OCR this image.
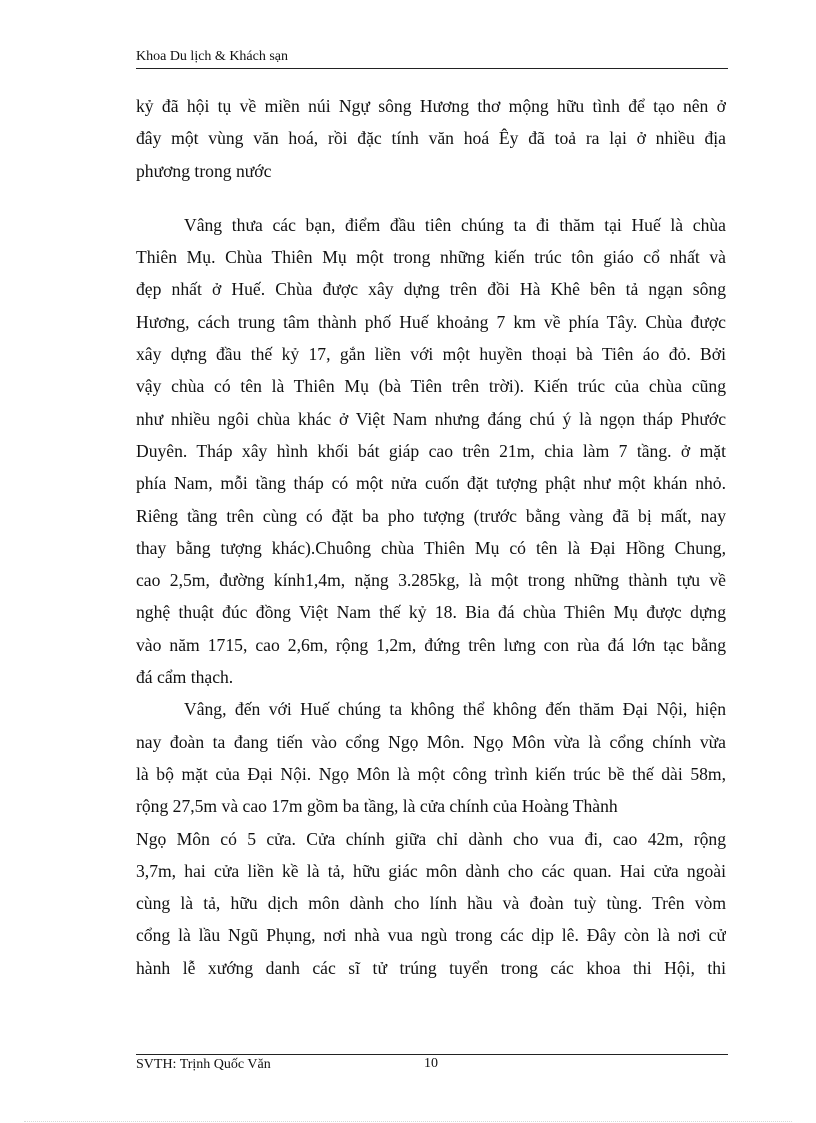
Khoa Du lịch & Khách sạn
kỷ đã hội tụ về miền núi Ngự sông Hương thơ mộng hữu tình để tạo nên ở
đây một vùng văn hoá, rồi đặc tính văn hoá Êy đã toả ra lại ở nhiều địa
phương trong nước
Vâng thưa các bạn, điểm đầu tiên chúng ta đi thăm tại Huế là chùa
Thiên Mụ. Chùa Thiên Mụ một trong những kiến trúc tôn giáo cổ nhất và
đẹp nhất ở Huế. Chùa được xây dựng trên đồi Hà Khê bên tả ngạn sông
Hương, cách trung tâm thành phố Huế khoảng 7 km về phía Tây. Chùa được
xây dựng đầu thế kỷ 17, gắn liền với một huyền thoại bà Tiên áo đỏ. Bởi
vậy chùa có tên là Thiên Mụ (bà Tiên trên trời). Kiến trúc của chùa cũng
như nhiều ngôi chùa khác ở Việt Nam nhưng đáng chú ý là ngọn tháp Phước
Duyên. Tháp xây hình khối bát giáp cao trên 21m, chia làm 7 tầng. ở mặt
phía Nam, mỗi tầng tháp có một nửa cuốn đặt tượng phật như một khán nhỏ.
Riêng tầng trên cùng có đặt ba pho tượng (trước bằng vàng đã bị mất, nay
thay bằng tượng khác).Chuông chùa Thiên Mụ có tên là Đại Hồng Chung,
cao 2,5m, đường kính1,4m, nặng 3.285kg, là một trong những thành tựu về
nghệ thuật đúc đồng Việt Nam thế kỷ 18. Bia đá chùa Thiên Mụ được dựng
vào năm 1715, cao 2,6m, rộng 1,2m, đứng trên lưng con rùa đá lớn tạc bằng
đá cẩm thạch.
Vâng, đến với Huế chúng ta không thể không đến thăm Đại Nội, hiện
nay đoàn ta đang tiến vào cổng Ngọ Môn. Ngọ Môn vừa là cổng chính vừa
là bộ mặt của Đại Nội. Ngọ Môn là một công trình kiến trúc bề thế dài 58m,
rộng 27,5m và cao 17m gồm ba tầng, là cửa chính của Hoàng Thành
Ngọ Môn có 5 cửa. Cửa chính giữa chỉ dành cho vua đi, cao 42m, rộng
3,7m, hai cửa liền kề là tả, hữu giác môn dành cho các quan. Hai cửa ngoài
cùng là tả, hữu dịch môn dành cho lính hầu và đoàn tuỳ tùng. Trên vòm
cổng là lầu Ngũ Phụng, nơi nhà vua ngù trong các dịp lê. Đây còn là nơi cử
hành lễ xướng danh các sĩ tử trúng tuyển trong các khoa thi Hội, thi
SVTH: Trịnh Quốc Văn	10
